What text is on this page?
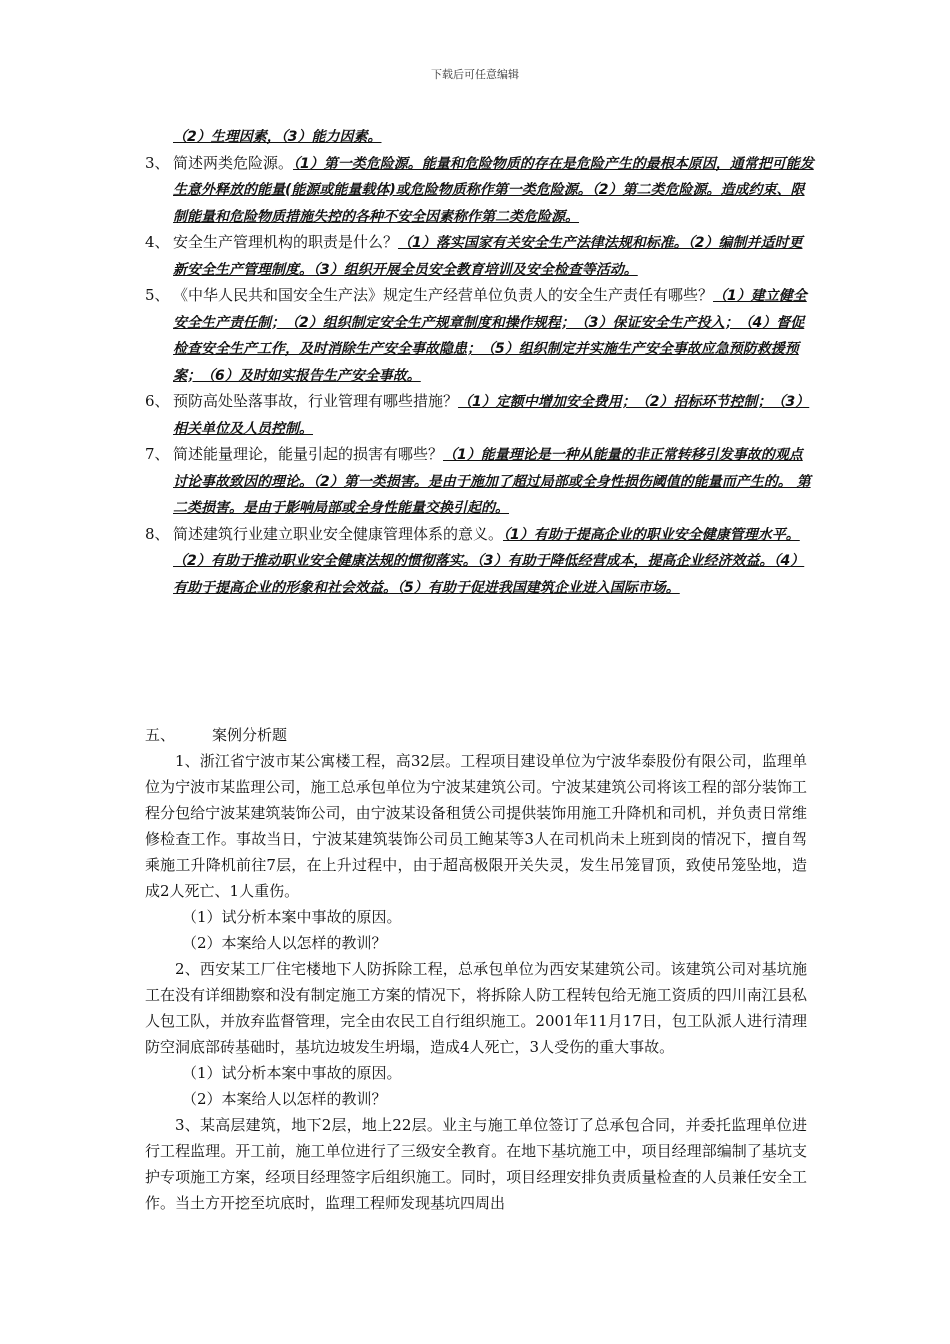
下载后可任意编辑
（2）生理因素，（3）能力因素。
3、 简述两类危险源。（1）第一类危险源。能量和危险物质的存在是危险产生的最根本原因，通常把可能发生意外释放的能量(能源或能量载体)或危险物质称作第一类危险源。（2）第二类危险源。造成约束、限制能量和危险物质措施失控的各种不安全因素称作第二类危险源。
4、 安全生产管理机构的职责是什么？（1）落实国家有关安全生产法律法规和标准。（2）编制并适时更新安全生产管理制度。（3）组织开展全员安全教育培训及安全检查等活动。
5、 《中华人民共和国安全生产法》规定生产经营单位负责人的安全生产责任有哪些？（1）建立健全安全生产责任制；（2）组织制定安全生产规章制度和操作规程；（3）保证安全生产投入；（4）督促检查安全生产工作，及时消除生产安全事故隐患；（5）组织制定并实施生产安全事故应急预防救援预案；（6）及时如实报告生产安全事故。
6、 预防高处坠落事故，行业管理有哪些措施？（1）定额中增加安全费用；（2）招标环节控制；（3）相关单位及人员控制。
7、 简述能量理论，能量引起的损害有哪些？（1）能量理论是一种从能量的非正常转移引发事故的观点讨论事故致因的理论。（2）第一类损害。是由于施加了超过局部或全身性损伤阈值的能量而产生的。 第二类损害。是由于影响局部或全身性能量交换引起的。
8、 简述建筑行业建立职业安全健康管理体系的意义。（1）有助于提高企业的职业安全健康管理水平。（2）有助于推动职业安全健康法规的惯彻落实。（3）有助于降低经营成本，提高企业经济效益。（4）有助于提高企业的形象和社会效益。（5）有助于促进我国建筑企业进入国际市场。
五、 案例分析题

1、浙江省宁波市某公寓楼工程，高32层。工程项目建设单位为宁波华泰股份有限公司，监理单位为宁波市某监理公司，施工总承包单位为宁波某建筑公司。宁波某建筑公司将该工程的部分装饰工程分包给宁波某建筑装饰公司，由宁波某设备租赁公司提供装饰用施工升降机和司机，并负责日常维修检查工作。事故当日，宁波某建筑装饰公司员工鲍某等3人在司机尚未上班到岗的情况下，擅自驾乘施工升降机前往7层，在上升过程中，由于超高极限开关失灵，发生吊笼冒顶，致使吊笼坠地，造成2人死亡、1人重伤。

（1）试分析本案中事故的原因。

（2）本案给人以怎样的教训？

2、西安某工厂住宅楼地下人防拆除工程，总承包单位为西安某建筑公司。该建筑公司对基坑施工在没有详细勘察和没有制定施工方案的情况下，将拆除人防工程转包给无施工资质的四川南江县私人包工队，并放弃监督管理，完全由农民工自行组织施工。2001年11月17日，包工队派人进行清理防空洞底部砖基础时，基坑边坡发生坍塌，造成4人死亡，3人受伤的重大事故。

（1）试分析本案中事故的原因。

（2）本案给人以怎样的教训？

3、某高层建筑，地下2层，地上22层。业主与施工单位签订了总承包合同，并委托监理单位进行工程监理。开工前，施工单位进行了三级安全教育。在地下基坑施工中，项目经理部编制了基坑支护专项施工方案，经项目经理签字后组织施工。同时，项目经理安排负责质量检查的人员兼任安全工作。当土方开挖至坑底时，监理工程师发现基坑四周出
